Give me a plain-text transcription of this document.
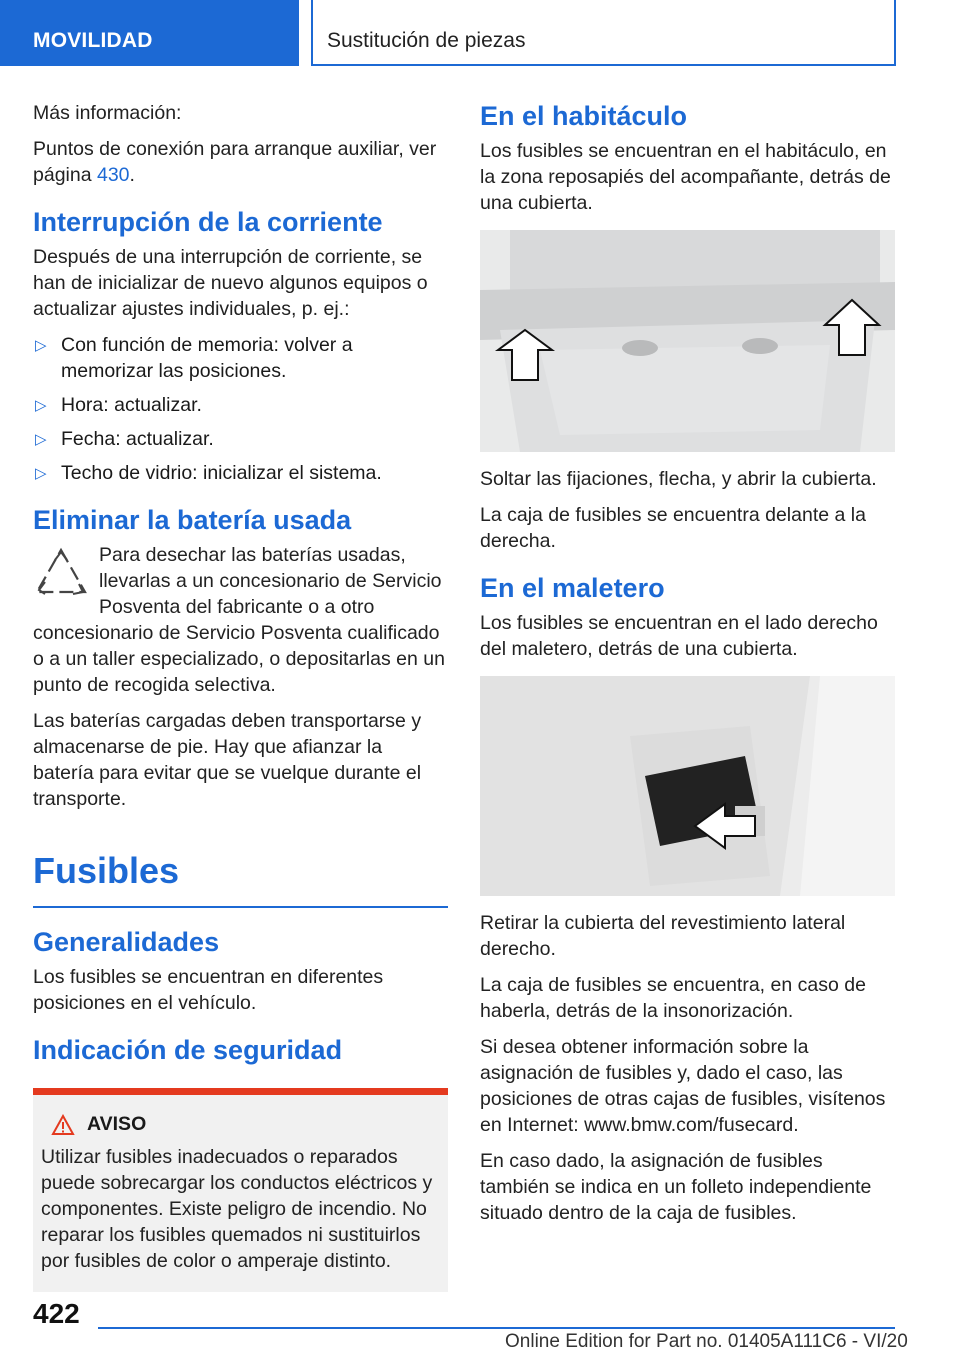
MOVILIDAD	Sustitución de piezas

Más información:

Puntos de conexión para arranque auxiliar, ver página 430.

Interrupción de la corriente

Después de una interrupción de corriente, se han de inicializar de nuevo algunos equipos o actualizar ajustes individuales, p. ej.:

▷ Con función de memoria: volver a memorizar las posiciones.
▷ Hora: actualizar.
▷ Fecha: actualizar.
▷ Techo de vidrio: inicializar el sistema.
Eliminar la batería usada

Para desechar las baterías usadas, llevarlas a un concesionario de Servicio Posventa del fabricante o a otro concesionario de Servicio Posventa cualificado o a un taller especializado, o depositarlas en un punto de recogida selectiva.

Las baterías cargadas deben transportarse y almacenarse de pie. Hay que afianzar la batería para evitar que se vuelque durante el transporte.

Fusibles
Generalidades

Los fusibles se encuentran en diferentes posiciones en el vehículo.

Indicación de seguridad
AVISO

Utilizar fusibles inadecuados o reparados puede sobrecargar los conductos eléctricos y componentes. Existe peligro de incendio. No reparar los fusibles quemados ni sustituirlos por fusibles de color o amperaje distinto.

En el habitáculo

Los fusibles se encuentran en el habitáculo, en la zona reposapiés del acompañante, detrás de una cubierta.

Soltar las fijaciones, flecha, y abrir la cubierta.

La caja de fusibles se encuentra delante a la derecha.

En el maletero

Los fusibles se encuentran en el lado derecho del maletero, detrás de una cubierta.

Retirar la cubierta del revestimiento lateral derecho.

La caja de fusibles se encuentra, en caso de haberla, detrás de la insonorización.

Si desea obtener información sobre la asignación de fusibles y, dado el caso, las posiciones de otras cajas de fusibles, visítenos en Internet: www.bmw.com/fusecard.

En caso dado, la asignación de fusibles también se indica en un folleto independiente situado dentro de la caja de fusibles.

422
Online Edition for Part no. 01405A111C6 - VI/20
